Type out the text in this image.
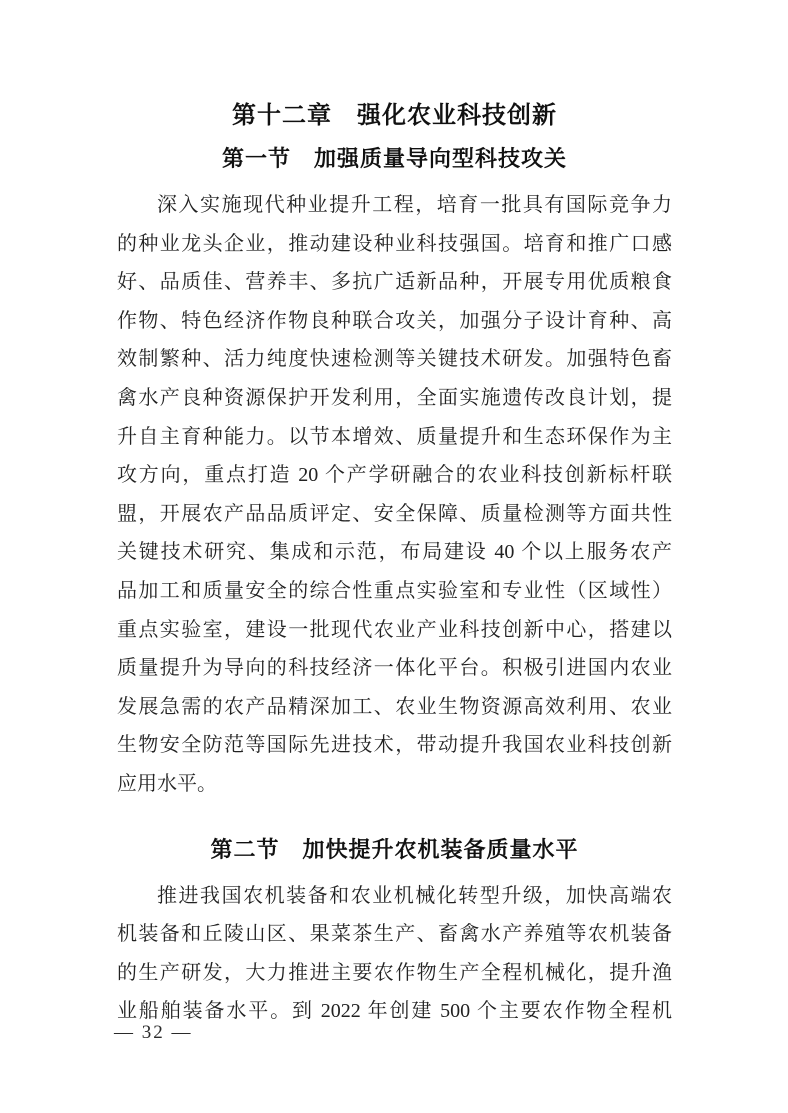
第十二章　强化农业科技创新
第一节　加强质量导向型科技攻关
深入实施现代种业提升工程，培育一批具有国际竞争力
的种业龙头企业，推动建设种业科技强国。培育和推广口感
好、品质佳、营养丰、多抗广适新品种，开展专用优质粮食
作物、特色经济作物良种联合攻关，加强分子设计育种、高
效制繁种、活力纯度快速检测等关键技术研发。加强特色畜
禽水产良种资源保护开发利用，全面实施遗传改良计划，提
升自主育种能力。以节本增效、质量提升和生态环保作为主
攻方向，重点打造 20 个产学研融合的农业科技创新标杆联
盟，开展农产品品质评定、安全保障、质量检测等方面共性
关键技术研究、集成和示范，布局建设 40 个以上服务农产
品加工和质量安全的综合性重点实验室和专业性（区域性）
重点实验室，建设一批现代农业产业科技创新中心，搭建以
质量提升为导向的科技经济一体化平台。积极引进国内农业
发展急需的农产品精深加工、农业生物资源高效利用、农业
生物安全防范等国际先进技术，带动提升我国农业科技创新
应用水平。
第二节　加快提升农机装备质量水平
推进我国农机装备和农业机械化转型升级，加快高端农
机装备和丘陵山区、果菜茶生产、畜禽水产养殖等农机装备
的生产研发，大力推进主要农作物生产全程机械化，提升渔
业船舶装备水平。到 2022 年创建 500 个主要农作物全程机
— 32 —
